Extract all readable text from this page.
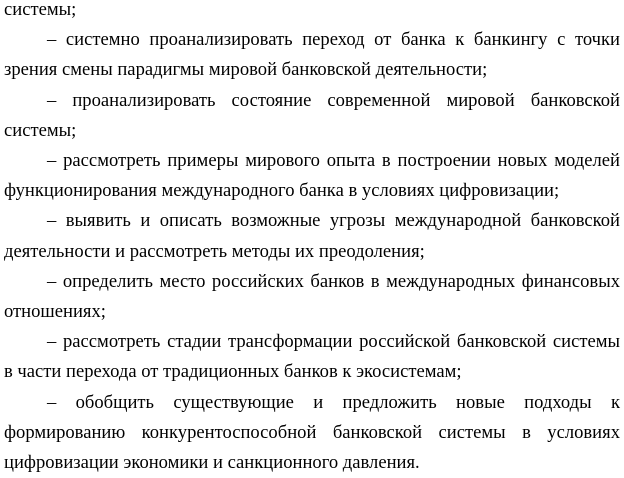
системы;

– системно проанализировать переход от банка к банкингу с точки зрения смены парадигмы мировой банковской деятельности;

– проанализировать состояние современной мировой банковской системы;

– рассмотреть примеры мирового опыта в построении новых моделей функционирования международного банка в условиях цифровизации;

– выявить и описать возможные угрозы международной банковской деятельности и рассмотреть методы их преодоления;

– определить место российских банков в международных финансовых отношениях;

– рассмотреть стадии трансформации российской банковской системы в части перехода от традиционных банков к экосистемам;

– обобщить существующие и предложить новые подходы к формированию конкурентоспособной банковской системы в условиях цифровизации экономики и санкционного давления.
